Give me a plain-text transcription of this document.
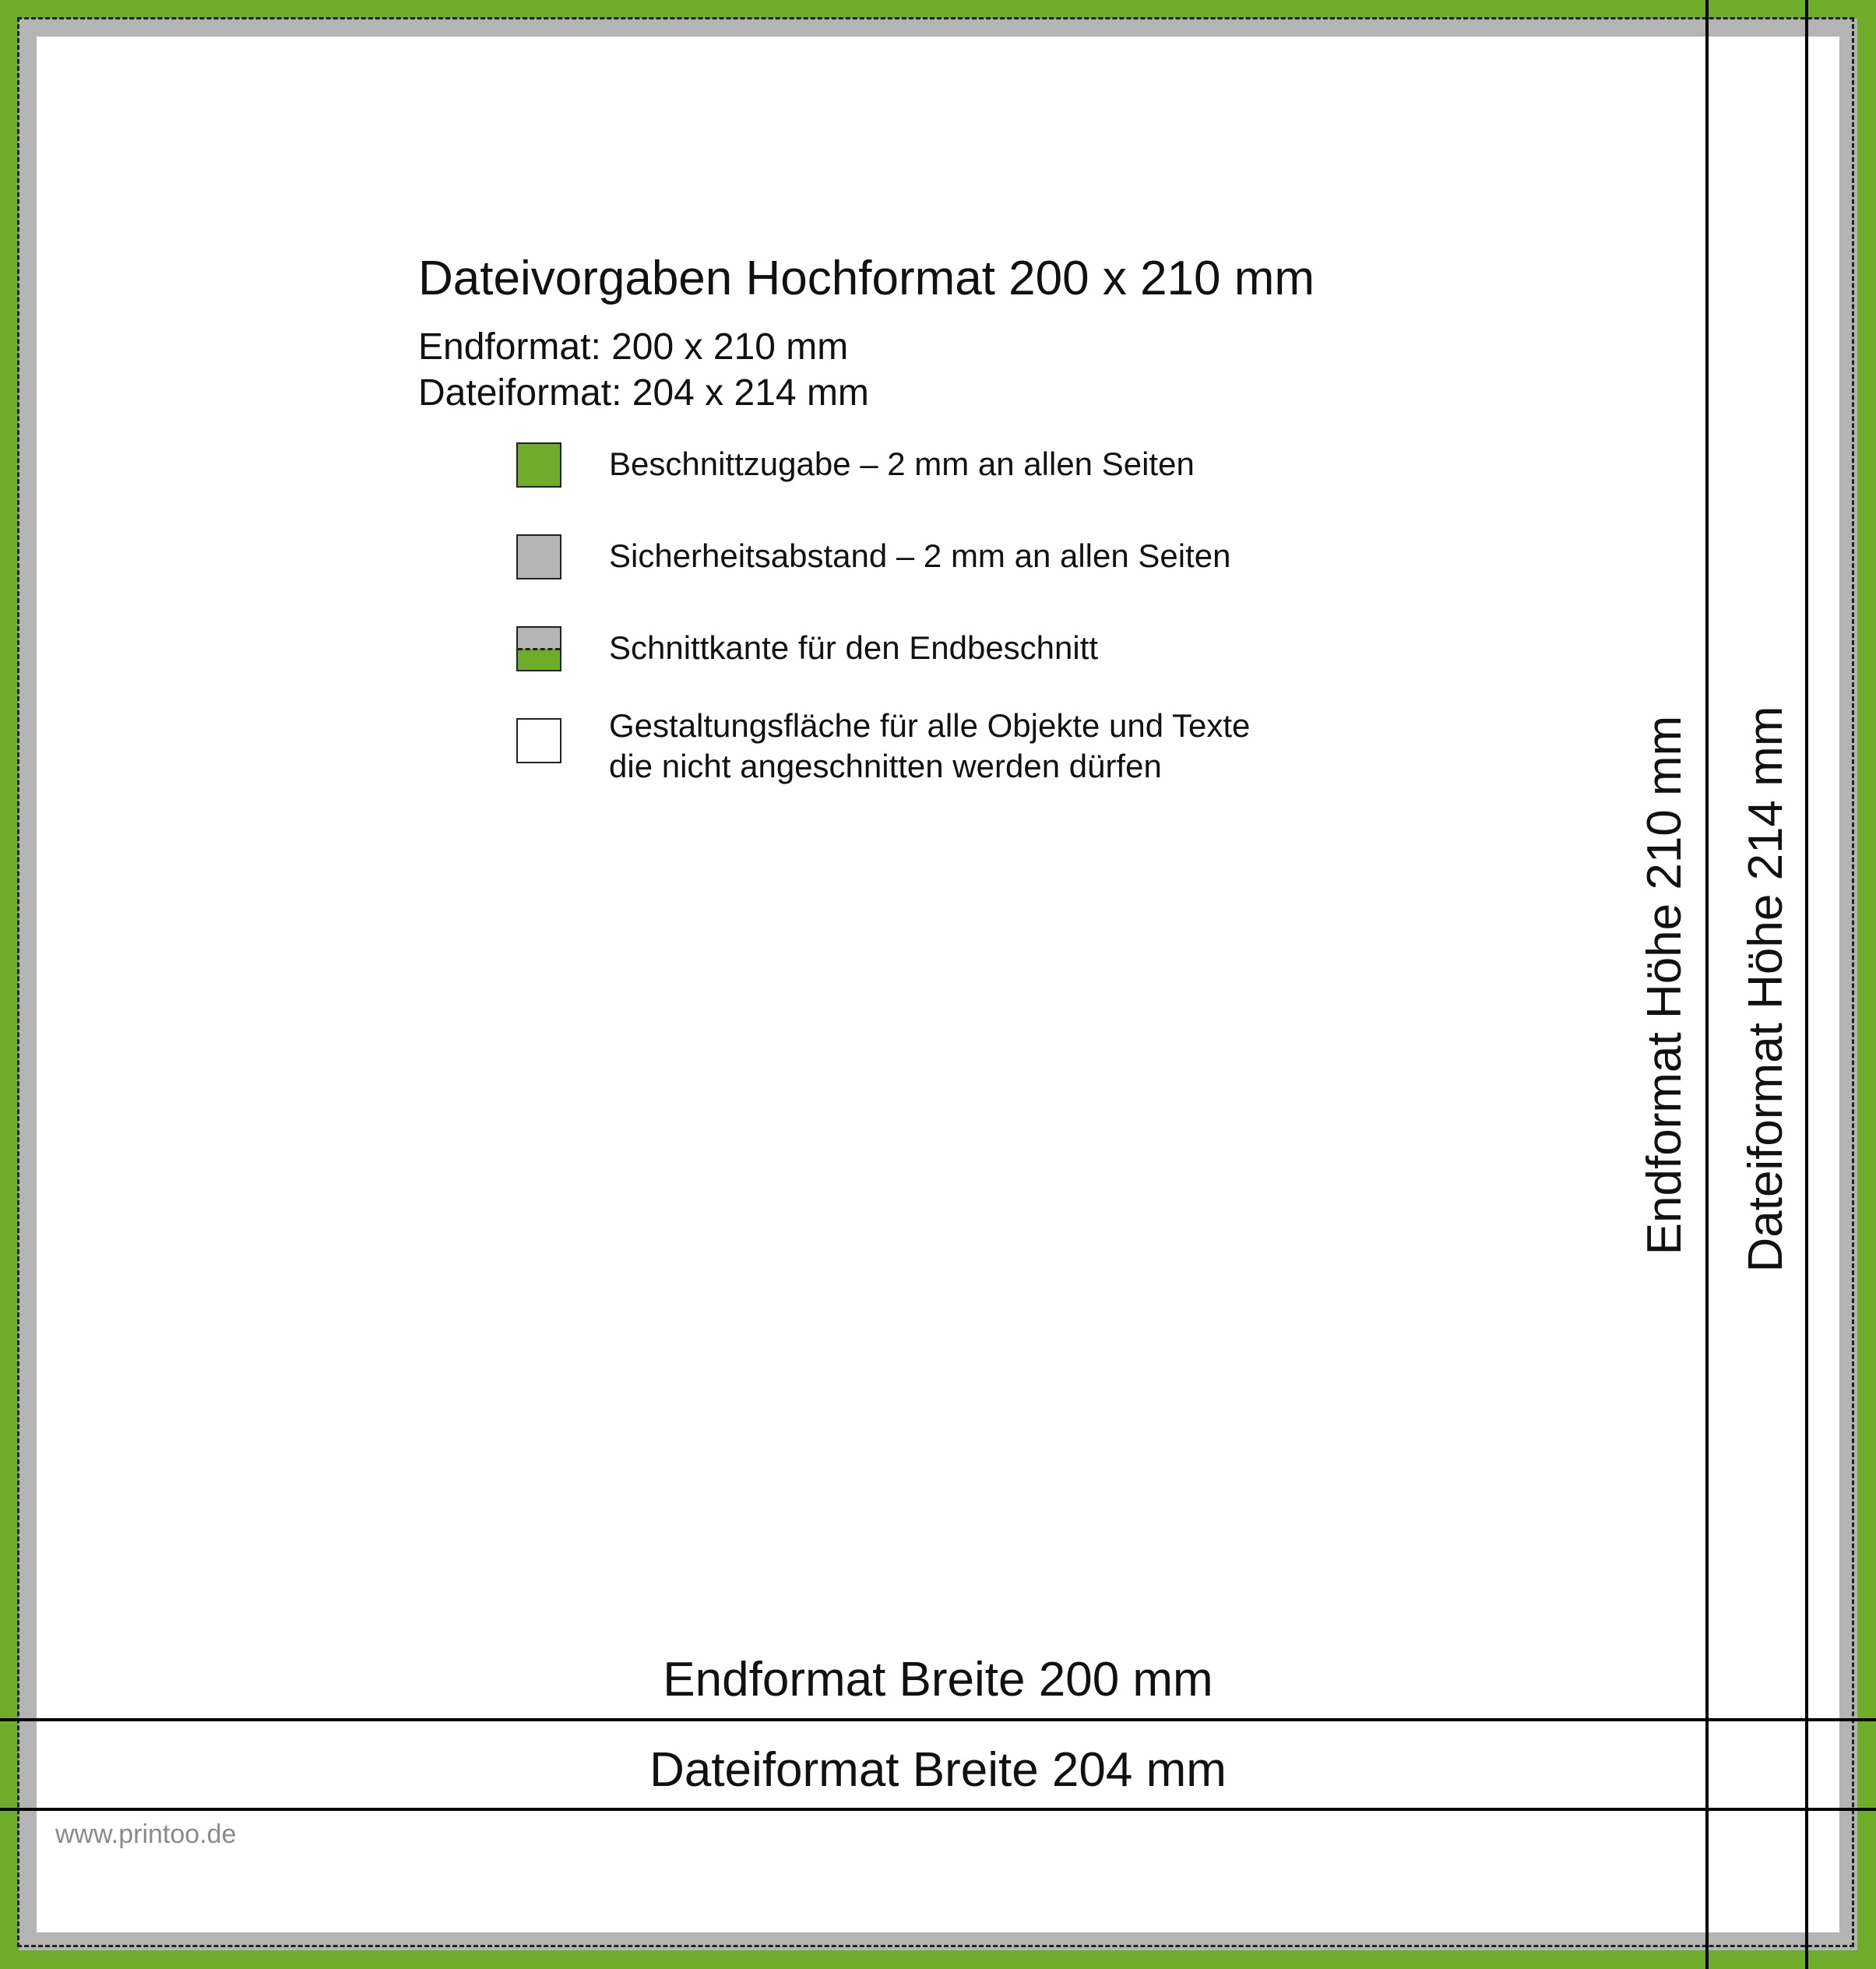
Dateivorgaben Hochformat 200 x 210 mm
Endformat: 200 x 210 mm
Dateiformat: 204 x 214 mm
Beschnittzugabe – 2 mm an allen Seiten
Sicherheitsabstand – 2 mm an allen Seiten
Schnittkante für den Endbeschnitt
Gestaltungsfläche für alle Objekte und Texte
die nicht angeschnitten werden dürfen
Endformat Breite 200 mm
Dateiformat Breite 204 mm
Endformat Höhe 210 mm Dateiformat Höhe 214 mm
www.printoo.de
